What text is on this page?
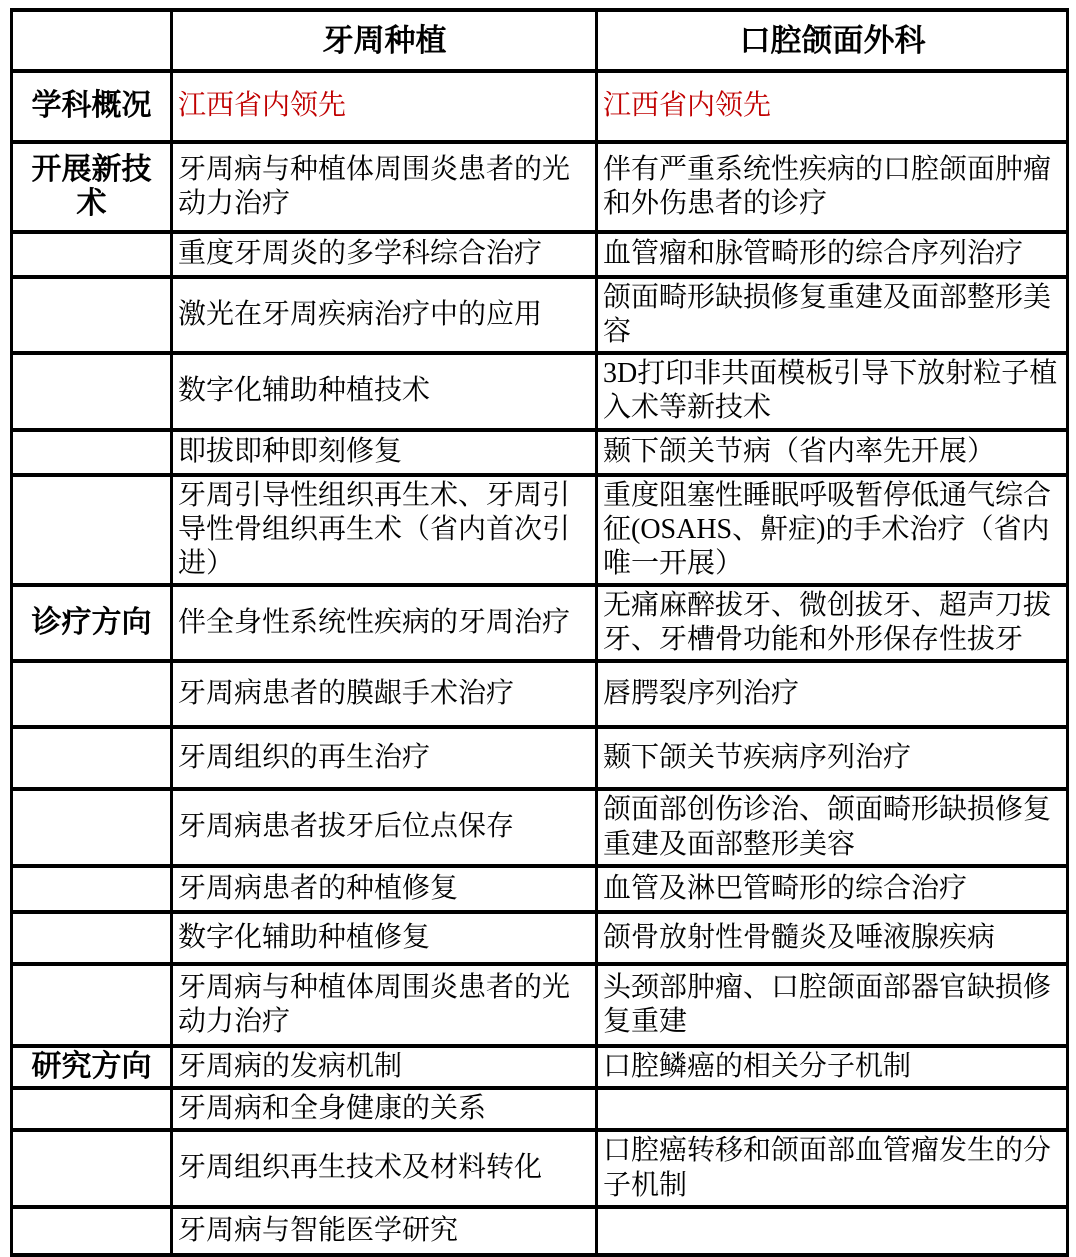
	牙周种植	口腔颌面外科
学科概况	江西省内领先	江西省内领先
开展新技术	牙周病与种植体周围炎患者的光动力治疗	伴有严重系统性疾病的口腔颌面肿瘤和外伤患者的诊疗
	重度牙周炎的多学科综合治疗	血管瘤和脉管畸形的综合序列治疗
	激光在牙周疾病治疗中的应用	颌面畸形缺损修复重建及面部整形美容
	数字化辅助种植技术	3D打印非共面模板引导下放射粒子植入术等新技术
	即拔即种即刻修复	颞下颌关节病（省内率先开展）
	牙周引导性组织再生术、牙周引导性骨组织再生术（省内首次引进）	重度阻塞性睡眠呼吸暂停低通气综合征(OSAHS、鼾症)的手术治疗（省内唯一开展）
诊疗方向	伴全身性系统性疾病的牙周治疗	无痛麻醉拔牙、微创拔牙、超声刀拔牙、牙槽骨功能和外形保存性拔牙
	牙周病患者的膜龈手术治疗	唇腭裂序列治疗
	牙周组织的再生治疗	颞下颌关节疾病序列治疗
	牙周病患者拔牙后位点保存	颌面部创伤诊治、颌面畸形缺损修复重建及面部整形美容
	牙周病患者的种植修复	血管及淋巴管畸形的综合治疗
	数字化辅助种植修复	颌骨放射性骨髓炎及唾液腺疾病
	牙周病与种植体周围炎患者的光动力治疗	头颈部肿瘤、口腔颌面部器官缺损修复重建
研究方向	牙周病的发病机制	口腔鳞癌的相关分子机制
	牙周病和全身健康的关系	
	牙周组织再生技术及材料转化	口腔癌转移和颌面部血管瘤发生的分子机制
	牙周病与智能医学研究	
